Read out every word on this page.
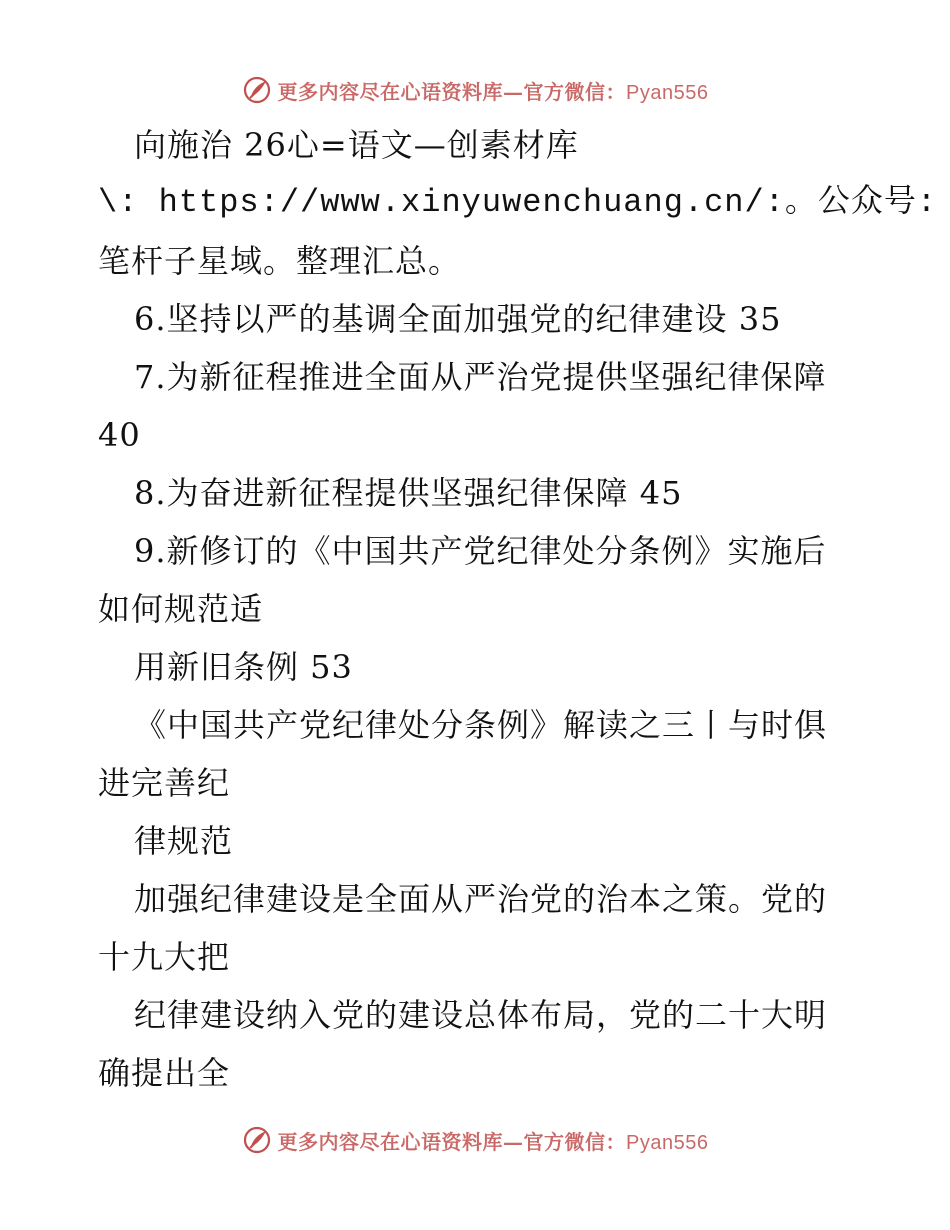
更多内容尽在心语资料库—官方微信：Pyan556
向施治 26心=语文—创素材库
\: https://www.xinyuwenchuang.cn/:。公众号:
笔杆子星域。整理汇总。
6.坚持以严的基调全面加强党的纪律建设 35
7.为新征程推进全面从严治党提供坚强纪律保障
40
8.为奋进新征程提供坚强纪律保障 45
9.新修订的《中国共产党纪律处分条例》实施后
如何规范适
用新旧条例 53
《中国共产党纪律处分条例》解读之三丨与时俱
进完善纪
律规范
加强纪律建设是全面从严治党的治本之策。党的
十九大把
纪律建设纳入党的建设总体布局，党的二十大明
确提出全
更多内容尽在心语资料库—官方微信：Pyan556
